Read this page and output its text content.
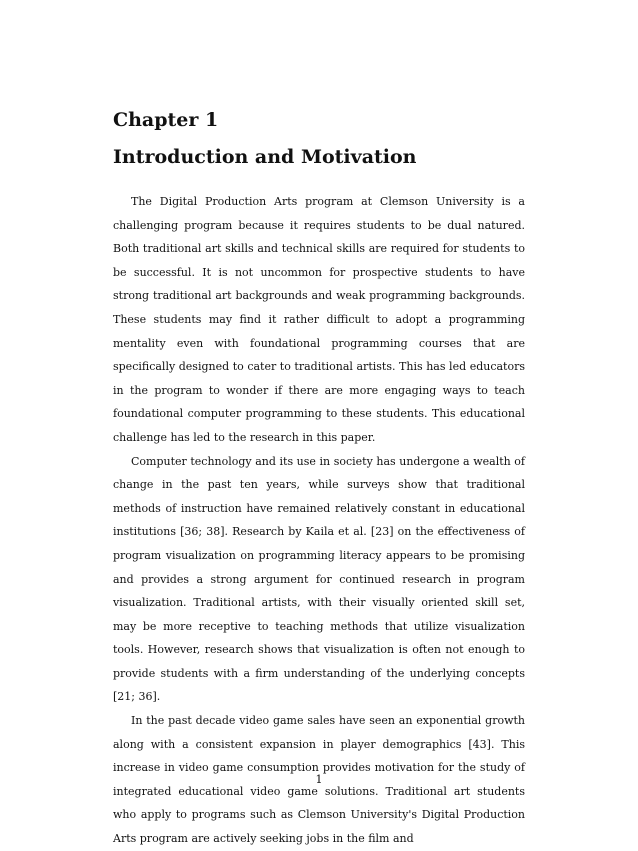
Chapter 1
Introduction and Motivation

The Digital Production Arts program at Clemson University is a challenging program because it requires students to be dual natured. Both traditional art skills and technical skills are required for students to be successful. It is not uncommon for prospective students to have strong traditional art backgrounds and weak programming backgrounds. These students may find it rather difficult to adopt a programming mentality even with foundational programming courses that are specifically designed to cater to traditional artists. This has led educators in the program to wonder if there are more engaging ways to teach foundational computer programming to these students. This educational challenge has led to the research in this paper.

Computer technology and its use in society has undergone a wealth of change in the past ten years, while surveys show that traditional methods of instruction have remained relatively constant in educational institutions [36; 38]. Research by Kaila et al. [23] on the effectiveness of program visualization on programming literacy appears to be promising and provides a strong argument for continued research in program visualization. Traditional artists, with their visually oriented skill set, may be more receptive to teaching methods that utilize visualization tools. However, research shows that visualization is often not enough to provide students with a firm understanding of the underlying concepts [21; 36].

In the past decade video game sales have seen an exponential growth along with a consistent expansion in player demographics [43]. This increase in video game consumption provides motivation for the study of integrated educational video game solutions. Traditional art students who apply to programs such as Clemson University's Digital Production Arts program are actively seeking jobs in the film and

1
